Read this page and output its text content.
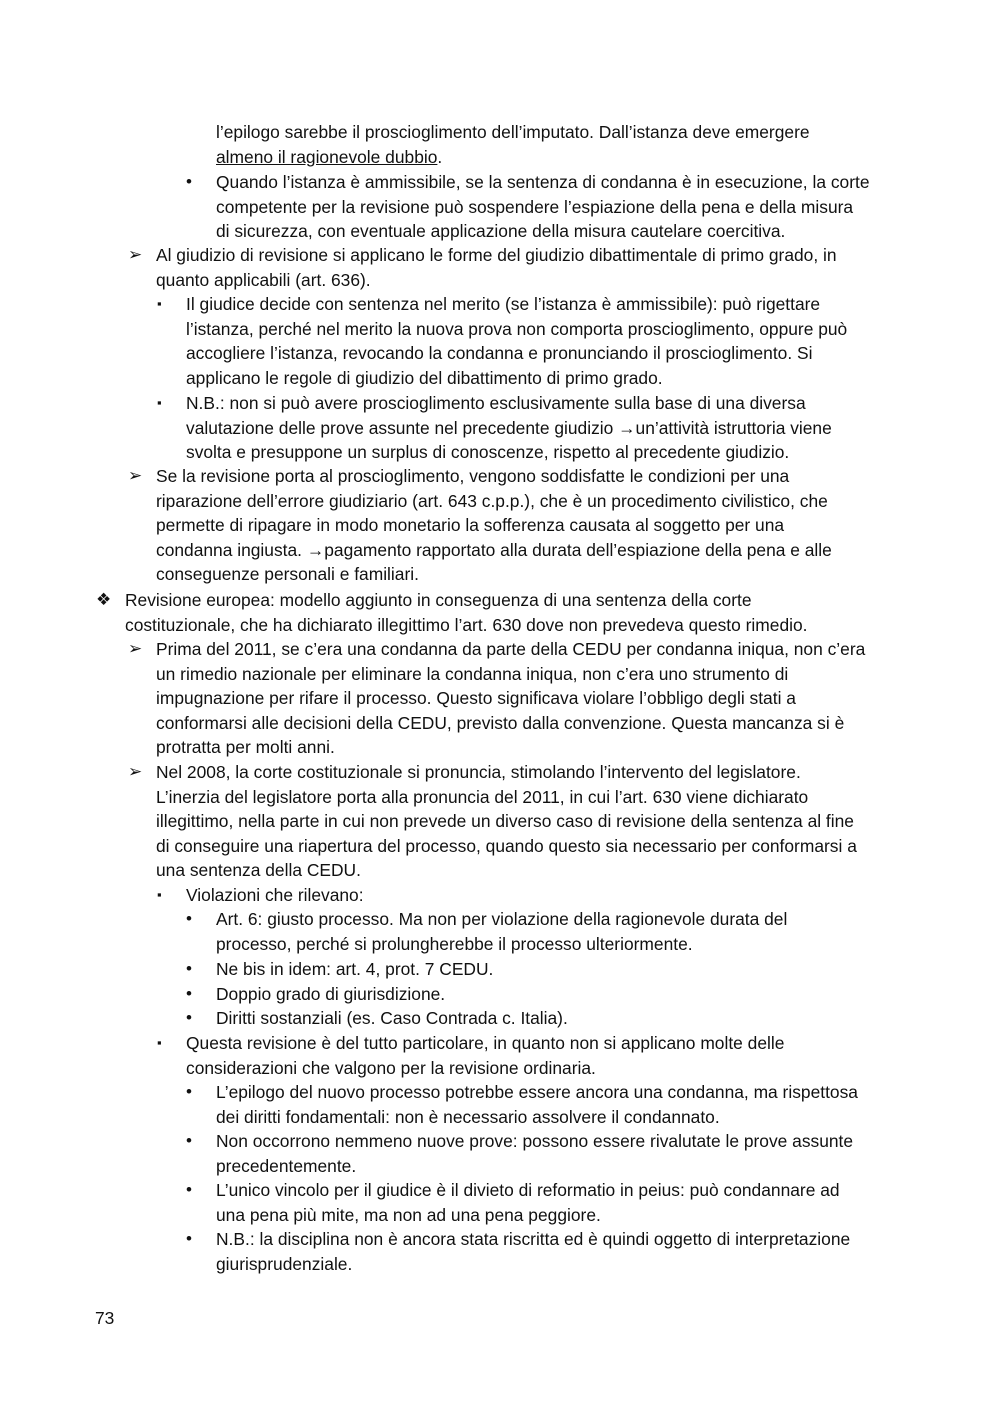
l’epilogo sarebbe il proscioglimento dell’imputato. Dall’istanza deve emergere
almeno il ragionevole dubbio.
• Quando l’istanza è ammissibile, se la sentenza di condanna è in esecuzione, la corte
competente per la revisione può sospendere l’espiazione della pena e della misura
di sicurezza, con eventuale applicazione della misura cautelare coercitiva.
➢ Al giudizio di revisione si applicano le forme del giudizio dibattimentale di primo grado, in
quanto applicabili (art. 636).
▪ Il giudice decide con sentenza nel merito (se l’istanza è ammissibile): può rigettare
l’istanza, perché nel merito la nuova prova non comporta proscioglimento, oppure può
accogliere l’istanza, revocando la condanna e pronunciando il proscioglimento. Si
applicano le regole di giudizio del dibattimento di primo grado.
▪ N.B.: non si può avere proscioglimento esclusivamente sulla base di una diversa
valutazione delle prove assunte nel precedente giudizio →un’attività istruttoria viene
svolta e presuppone un surplus di conoscenze, rispetto al precedente giudizio.
➢ Se la revisione porta al proscioglimento, vengono soddisfatte le condizioni per una
riparazione dell’errore giudiziario (art. 643 c.p.p.), che è un procedimento civilistico, che
permette di ripagare in modo monetario la sofferenza causata al soggetto per una
condanna ingiusta. →pagamento rapportato alla durata dell’espiazione della pena e alle
conseguenze personali e familiari.
❖ Revisione europea: modello aggiunto in conseguenza di una sentenza della corte
costituzionale, che ha dichiarato illegittimo l’art. 630 dove non prevedeva questo rimedio.
➢ Prima del 2011, se c’era una condanna da parte della CEDU per condanna iniqua, non c’era
un rimedio nazionale per eliminare la condanna iniqua, non c’era uno strumento di
impugnazione per rifare il processo. Questo significava violare l’obbligo degli stati a
conformarsi alle decisioni della CEDU, previsto dalla convenzione. Questa mancanza si è
protratta per molti anni.
➢ Nel 2008, la corte costituzionale si pronuncia, stimolando l’intervento del legislatore.
L’inerzia del legislatore porta alla pronuncia del 2011, in cui l’art. 630 viene dichiarato
illegittimo, nella parte in cui non prevede un diverso caso di revisione della sentenza al fine
di conseguire una riapertura del processo, quando questo sia necessario per conformarsi a
una sentenza della CEDU.
▪ Violazioni che rilevano:
• Art. 6: giusto processo. Ma non per violazione della ragionevole durata del
processo, perché si prolungherebbe il processo ulteriormente.
• Ne bis in idem: art. 4, prot. 7 CEDU.
• Doppio grado di giurisdizione.
• Diritti sostanziali (es. Caso Contrada c. Italia).
▪ Questa revisione è del tutto particolare, in quanto non si applicano molte delle
considerazioni che valgono per la revisione ordinaria.
• L’epilogo del nuovo processo potrebbe essere ancora una condanna, ma rispettosa
dei diritti fondamentali: non è necessario assolvere il condannato.
• Non occorrono nemmeno nuove prove: possono essere rivalutate le prove assunte
precedentemente.
• L’unico vincolo per il giudice è il divieto di reformatio in peius: può condannare ad
una pena più mite, ma non ad una pena peggiore.
• N.B.: la disciplina non è ancora stata riscritta ed è quindi oggetto di interpretazione
giurisprudenziale.
73
